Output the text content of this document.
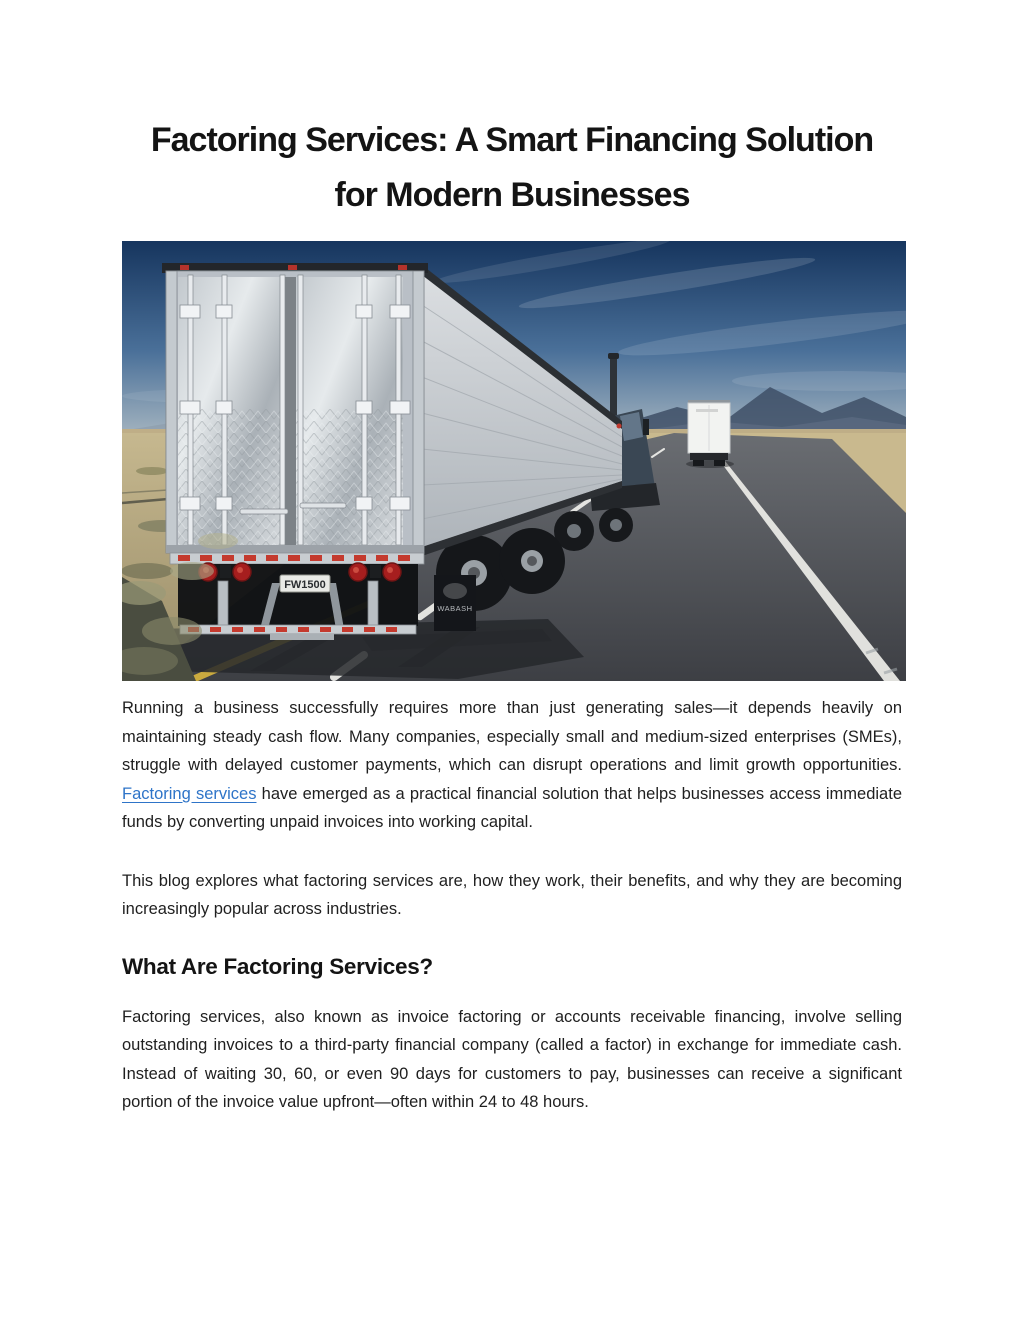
Factoring Services: A Smart Financing Solution
for Modern Businesses
FW1500
WABASH

Running a business successfully requires more than just generating sales—it depends heavily on maintaining steady cash flow. Many companies, especially small and medium-sized enterprises (SMEs), struggle with delayed customer payments, which can disrupt operations and limit growth opportunities. Factoring services have emerged as a practical financial solution that helps businesses access immediate funds by converting unpaid invoices into working capital.

This blog explores what factoring services are, how they work, their benefits, and why they are becoming increasingly popular across industries.

What Are Factoring Services?

Factoring services, also known as invoice factoring or accounts receivable financing, involve selling outstanding invoices to a third-party financial company (called a factor) in exchange for immediate cash. Instead of waiting 30, 60, or even 90 days for customers to pay, businesses can receive a significant portion of the invoice value upfront—often within 24 to 48 hours.
